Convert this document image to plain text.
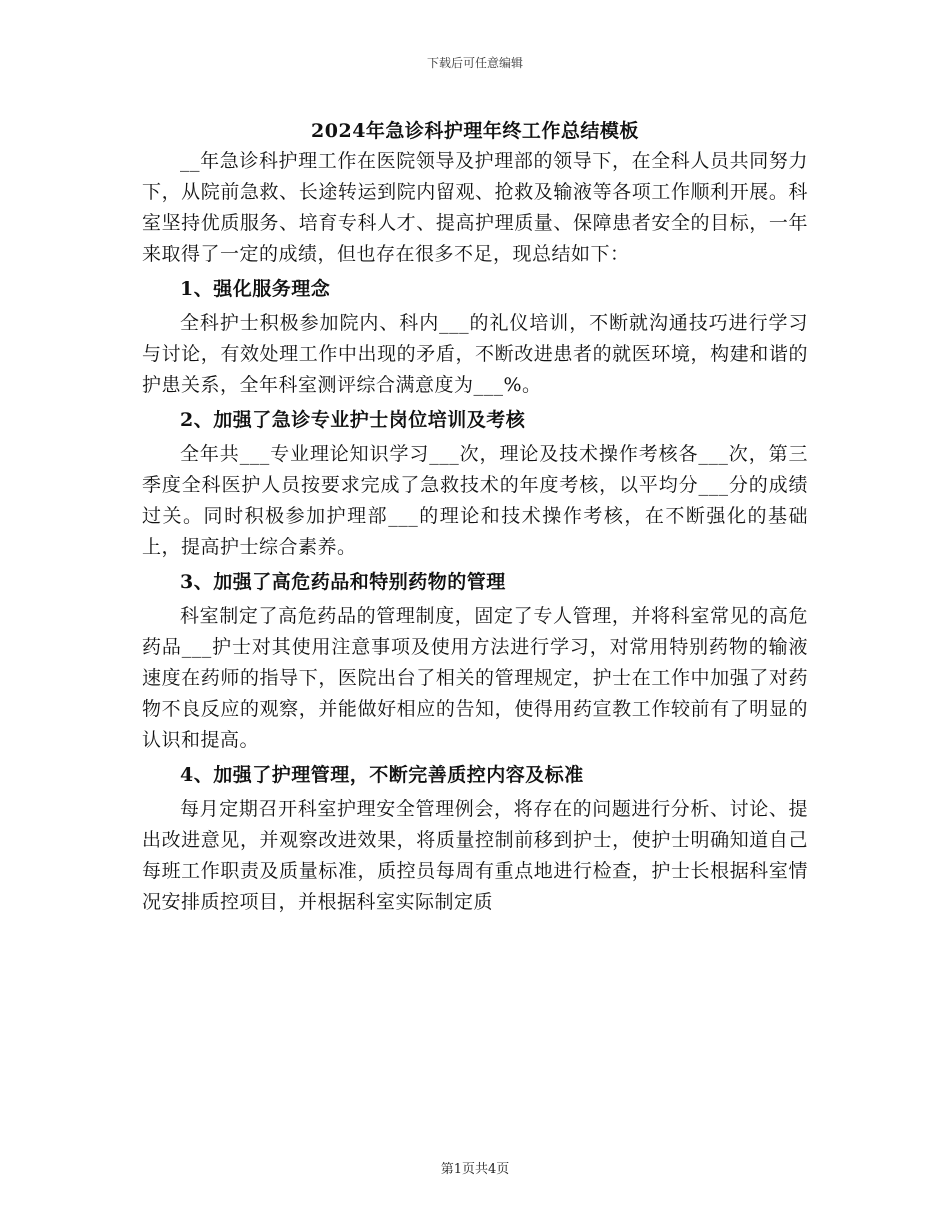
下载后可任意编辑
2024年急诊科护理年终工作总结模板

__年急诊科护理工作在医院领导及护理部的领导下，在全科人员共同努力下，从院前急救、长途转运到院内留观、抢救及输液等各项工作顺利开展。科室坚持优质服务、培育专科人才、提高护理质量、保障患者安全的目标，一年来取得了一定的成绩，但也存在很多不足，现总结如下：

1、强化服务理念

全科护士积极参加院内、科内___的礼仪培训，不断就沟通技巧进行学习与讨论，有效处理工作中出现的矛盾，不断改进患者的就医环境，构建和谐的护患关系，全年科室测评综合满意度为___%。

2、加强了急诊专业护士岗位培训及考核

全年共___专业理论知识学习___次，理论及技术操作考核各___次，第三季度全科医护人员按要求完成了急救技术的年度考核，以平均分___分的成绩过关。同时积极参加护理部___的理论和技术操作考核，在不断强化的基础上，提高护士综合素养。

3、加强了高危药品和特别药物的管理

科室制定了高危药品的管理制度，固定了专人管理，并将科室常见的高危药品___护士对其使用注意事项及使用方法进行学习，对常用特别药物的输液速度在药师的指导下，医院出台了相关的管理规定，护士在工作中加强了对药物不良反应的观察，并能做好相应的告知，使得用药宣教工作较前有了明显的认识和提高。

4、加强了护理管理，不断完善质控内容及标准

每月定期召开科室护理安全管理例会，将存在的问题进行分析、讨论、提出改进意见，并观察改进效果，将质量控制前移到护士，使护士明确知道自己每班工作职责及质量标准，质控员每周有重点地进行检查，护士长根据科室情况安排质控项目，并根据科室实际制定质

第1页共4页
